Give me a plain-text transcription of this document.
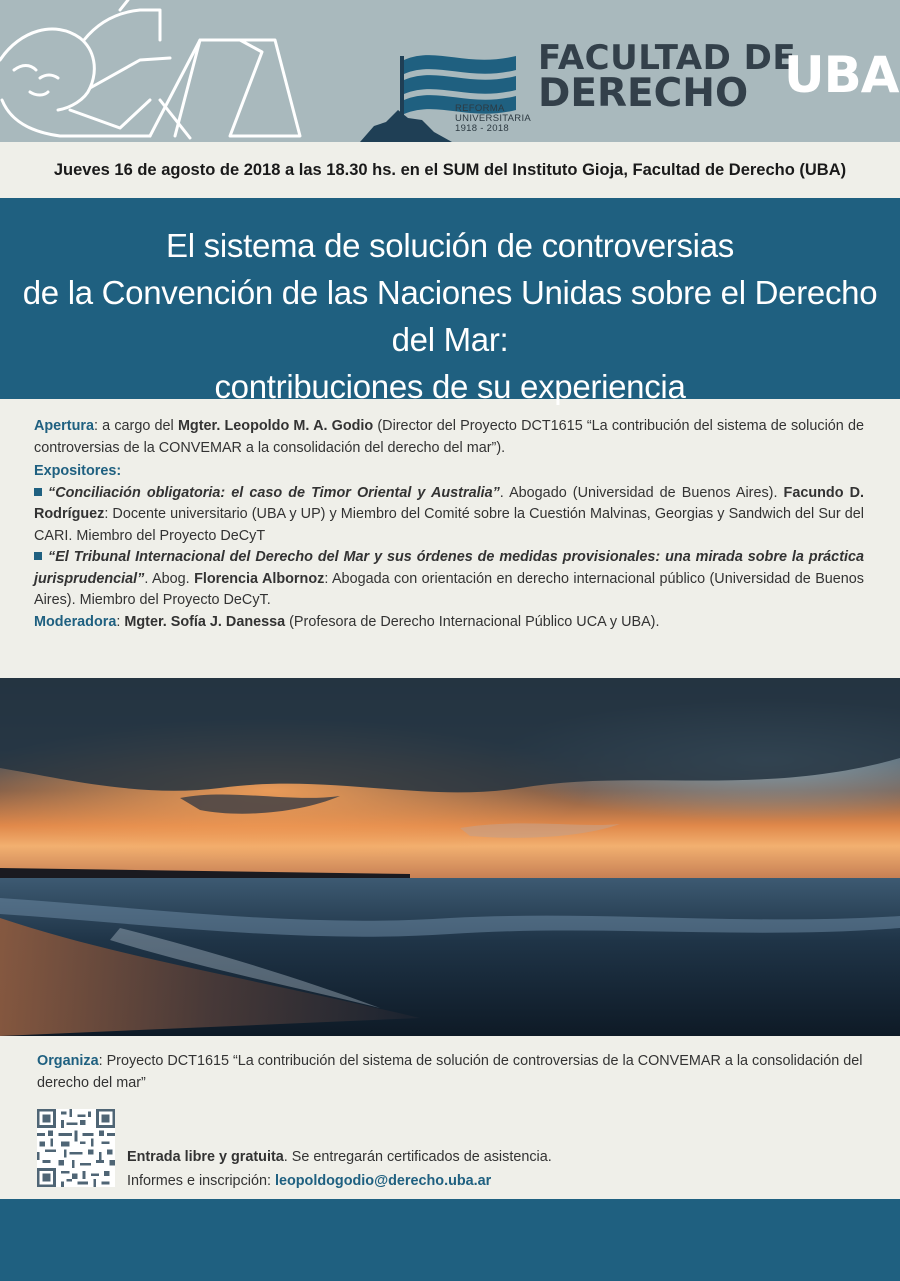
REFORMA
UNIVERSITARIA
1918 - 2018
FACULTAD DE
DERECHO UBA
Jueves 16 de agosto de 2018 a las 18.30 hs. en el SUM del Instituto Gioja, Facultad de Derecho (UBA)
El sistema de solución de controversias
de la Convención de las Naciones Unidas sobre el Derecho del Mar:
contribuciones de su experiencia

Apertura: a cargo del Mgter. Leopoldo M. A. Godio (Director del Proyecto DCT1615 “La contribución del sistema de solución de controversias de la CONVEMAR a la consolidación del derecho del mar”).

Expositores:

“Conciliación obligatoria: el caso de Timor Oriental y Australia”. Abogado (Universidad de Buenos Aires). Facundo D. Rodríguez: Docente universitario (UBA y UP) y Miembro del Comité sobre la Cuestión Malvinas, Georgias y Sandwich del Sur del CARI. Miembro del Proyecto DeCyT

“El Tribunal Internacional del Derecho del Mar y sus órdenes de medidas provisionales: una mirada sobre la práctica jurisprudencial”. Abog. Florencia Albornoz: Abogada con orientación en derecho internacional público (Universidad de Buenos Aires). Miembro del Proyecto DeCyT.

Moderadora: Mgter. Sofía J. Danessa (Profesora de Derecho Internacional Público UCA y UBA).

Organiza: Proyecto DCT1615 “La contribución del sistema de solución de controversias de la CONVEMAR a la consolidación del derecho del mar”

Entrada libre y gratuita. Se entregarán certificados de asistencia.

Informes e inscripción: leopoldogodio@derecho.uba.ar
